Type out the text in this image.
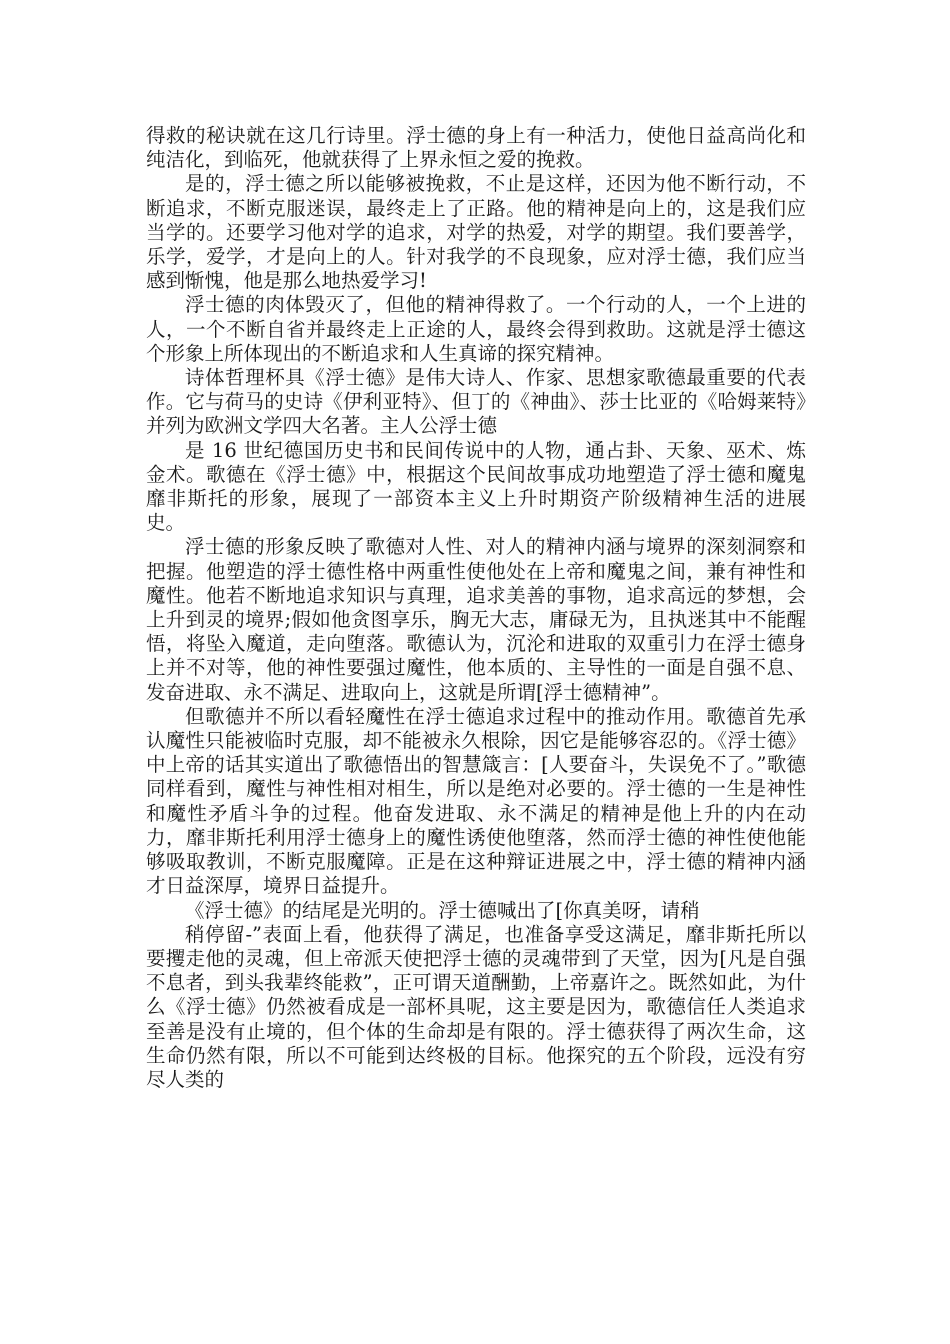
得救的秘诀就在这几行诗里。浮士德的身上有一种活力，使他日益高尚化和纯洁化，到临死，他就获得了上界永恒之爱的挽救。

是的，浮士德之所以能够被挽救，不止是这样，还因为他不断行动，不断追求，不断克服迷误，最终走上了正路。他的精神是向上的，这是我们应当学的。还要学习他对学的追求，对学的热爱，对学的期望。我们要善学，乐学，爱学，才是向上的人。针对我学的不良现象，应对浮士德，我们应当感到惭愧，他是那么地热爱学习!

浮士德的肉体毁灭了，但他的精神得救了。一个行动的人，一个上进的人，一个不断自省并最终走上正途的人，最终会得到救助。这就是浮士德这个形象上所体现出的不断追求和人生真谛的探究精神。

诗体哲理杯具《浮士德》是伟大诗人、作家、思想家歌德最重要的代表作。它与荷马的史诗《伊利亚特》、但丁的《神曲》、莎士比亚的《哈姆莱特》并列为欧洲文学四大名著。主人公浮士德

是 16 世纪德国历史书和民间传说中的人物，通占卦、天象、巫术、炼金术。歌德在《浮士德》中，根据这个民间故事成功地塑造了浮士德和魔鬼靡非斯托的形象，展现了一部资本主义上升时期资产阶级精神生活的进展史。

浮士德的形象反映了歌德对人性、对人的精神内涵与境界的深刻洞察和把握。他塑造的浮士德性格中两重性使他处在上帝和魔鬼之间，兼有神性和魔性。他若不断地追求知识与真理，追求美善的事物，追求高远的梦想，会上升到灵的境界;假如他贪图享乐，胸无大志，庸碌无为，且执迷其中不能醒悟，将坠入魔道，走向堕落。歌德认为，沉沦和进取的双重引力在浮士德身上并不对等，他的神性要强过魔性，他本质的、主导性的一面是自强不息、发奋进取、永不满足、进取向上，这就是所谓[浮士德精神”。

但歌德并不所以看轻魔性在浮士德追求过程中的推动作用。歌德首先承认魔性只能被临时克服，却不能被永久根除，因它是能够容忍的。《浮士德》中上帝的话其实道出了歌德悟出的智慧箴言：[人要奋斗，失误免不了。”歌德同样看到，魔性与神性相对相生，所以是绝对必要的。浮士德的一生是神性和魔性矛盾斗争的过程。他奋发进取、永不满足的精神是他上升的内在动力，靡非斯托利用浮士德身上的魔性诱使他堕落，然而浮士德的神性使他能够吸取教训，不断克服魔障。正是在这种辩证进展之中，浮士德的精神内涵才日益深厚，境界日益提升。

《浮士德》的结尾是光明的。浮士德喊出了[你真美呀，请稍

稍停留-”表面上看，他获得了满足，也准备享受这满足，靡非斯托所以要攫走他的灵魂，但上帝派天使把浮士德的灵魂带到了天堂，因为[凡是自强不息者，到头我辈终能救”，正可谓天道酬勤，上帝嘉许之。既然如此，为什么《浮士德》仍然被看成是一部杯具呢，这主要是因为，歌德信任人类追求至善是没有止境的，但个体的生命却是有限的。浮士德获得了两次生命，这生命仍然有限，所以不可能到达终极的目标。他探究的五个阶段，远没有穷尽人类的
